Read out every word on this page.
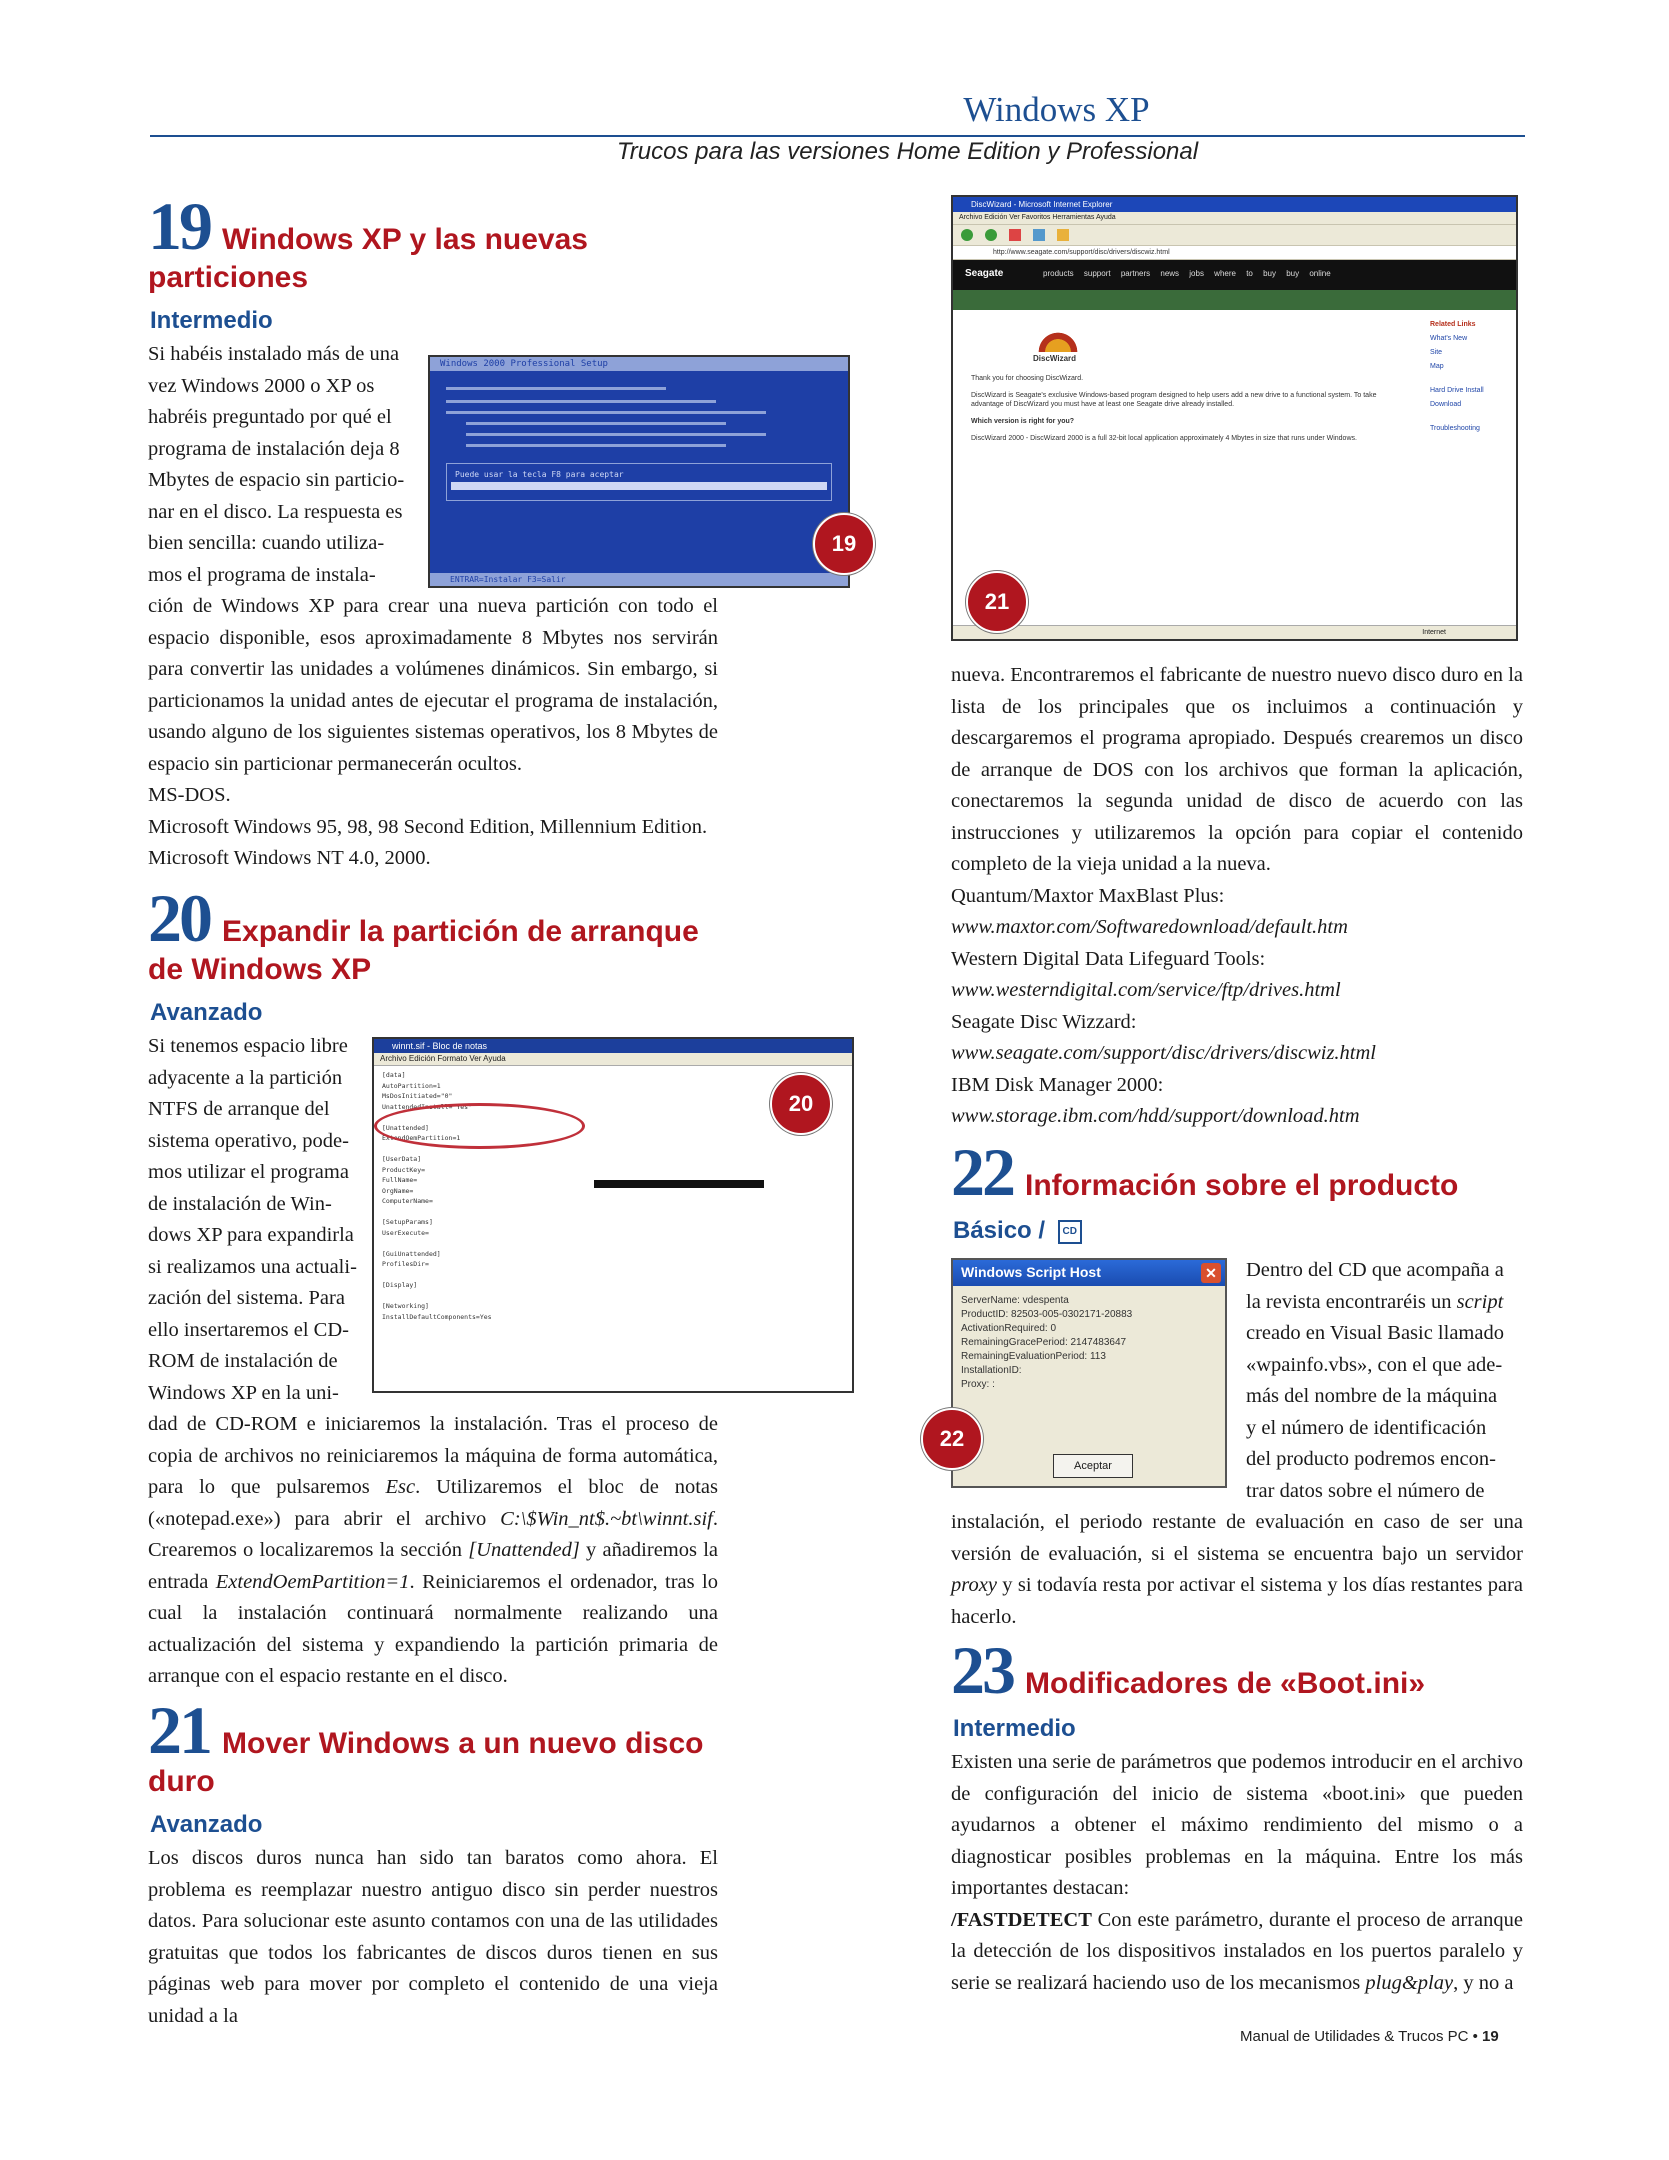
Windows XP
Trucos para las versiones Home Edition y Professional
19 Windows XP y las nuevas particiones
Intermedio

Si habéis instalado más de una

vez Windows 2000 o XP os

habréis preguntado por qué el

programa de instalación deja 8

Mbytes de espacio sin particio-

nar en el disco. La respuesta es

bien sencilla: cuando utiliza-

mos el programa de instala-

ción de Windows XP para crear una nueva partición con todo el espacio disponible, esos aproximadamente 8 Mbytes nos servirán para convertir las unidades a volúmenes dinámicos. Sin embargo, si particionamos la unidad antes de ejecutar el programa de instalación, usando alguno de los siguientes sistemas operativos, los 8 Mbytes de espacio sin particionar permanecerán ocultos.

MS-DOS.

Microsoft Windows 95, 98, 98 Second Edition, Millennium Edition.

Microsoft Windows NT 4.0, 2000.

Windows 2000 Professional Setup
Puede usar la tecla F8 para aceptar
ENTRAR=Instalar F3=Salir
19
20 Expandir la partición de arranque de Windows XP
Avanzado

Si tenemos espacio libre

adyacente a la partición

NTFS de arranque del

sistema operativo, pode-

mos utilizar el programa

de instalación de Win-

dows XP para expandirla

si realizamos una actuali-

zación del sistema. Para

ello insertaremos el CD-

ROM de instalación de

Windows XP en la uni-

dad de CD-ROM e iniciaremos la instalación. Tras el proceso de copia de archivos no reiniciaremos la máquina de forma automática, para lo que pulsaremos Esc. Utilizaremos el bloc de notas («notepad.exe») para abrir el archivo C:\$Win_nt$.~bt\winnt.sif. Crearemos o localizaremos la sección [Unattended] y añadiremos la entrada ExtendOemPartition=1. Reiniciaremos el ordenador, tras lo cual la instalación continuará normalmente realizando una actualización del sistema y expandiendo la partición primaria de arranque con el espacio restante en el disco.

winnt.sif - Bloc de notas
Archivo Edición Formato Ver Ayuda
[data]
AutoPartition=1
MsDosInitiated="0"
UnattendedInstall="Yes"
[Unattended]
ExtendOemPartition=1
[UserData]
ProductKey=
FullName=
OrgName=
ComputerName=
[SetupParams]
UserExecute=
[GuiUnattended]
ProfilesDir=
[Display]
[Networking]
InstallDefaultComponents=Yes
20
21 Mover Windows a un nuevo disco duro
Avanzado

Los discos duros nunca han sido tan baratos como ahora. El problema es reemplazar nuestro antiguo disco sin perder nuestros datos. Para solucionar este asunto contamos con una de las utilidades gratuitas que todos los fabricantes de discos duros tienen en sus páginas web para mover por completo el contenido de una vieja unidad a la

DiscWizard - Microsoft Internet Explorer
Archivo Edición Ver Favoritos Herramientas Ayuda

http://www.seagate.com/support/disc/drivers/discwiz.html
Seagate	products support partners news jobs where to buy buy online
DiscWizard
Thank you for choosing DiscWizard.
DiscWizard is Seagate's exclusive Windows-based program designed to help users add a new drive to a functional system. To take advantage of DiscWizard you must have at least one Seagate drive already installed.
Which version is right for you?
DiscWizard 2000 - DiscWizard 2000 is a full 32-bit local application approximately 4 Mbytes in size that runs under Windows.
Related Links
What's New
Site
Map
Hard Drive Install
Download
Troubleshooting
Internet
21

nueva. Encontraremos el fabricante de nuestro nuevo disco duro en la lista de los principales que os incluimos a continuación y descargaremos el programa apropiado. Después crearemos un disco de arranque de DOS con los archivos que forman la aplicación, conectaremos la segunda unidad de disco de acuerdo con las instrucciones y utilizaremos la opción para copiar el contenido completo de la vieja unidad a la nueva.

Quantum/Maxtor MaxBlast Plus: www.maxtor.com/Softwaredownload/default.htm

Western Digital Data Lifeguard Tools: www.westerndigital.com/service/ftp/drives.html

Seagate Disc Wizzard: www.seagate.com/support/disc/drivers/discwiz.html

IBM Disk Manager 2000: www.storage.ibm.com/hdd/support/download.htm

22 Información sobre el producto
Básico / CD

Dentro del CD que acompaña a

la revista encontraréis un script

creado en Visual Basic llamado

«wpainfo.vbs», con el que ade-

más del nombre de la máquina

y el número de identificación

del producto podremos encon-

trar datos sobre el número de

instalación, el periodo restante de evaluación en caso de ser una versión de evaluación, si el sistema se encuentra bajo un servidor proxy y si todavía resta por activar el sistema y los días restantes para hacerlo.

Windows Script Host	✕
ServerName: vdespenta
ProductID: 82503-005-0302171-20883
ActivationRequired: 0
RemainingGracePeriod: 2147483647
RemainingEvaluationPeriod: 113
InstallationID:
Proxy: :
Aceptar
22
23 Modificadores de «Boot.ini»
Intermedio

Existen una serie de parámetros que podemos introducir en el archivo de configuración del inicio de sistema «boot.ini» que pueden ayudarnos a obtener el máximo rendimiento del mismo o a diagnosticar posibles problemas en la máquina. Entre los más importantes destacan:

/FASTDETECT Con este parámetro, durante el proceso de arranque la detección de los dispositivos instalados en los puertos paralelo y serie se realizará haciendo uso de los mecanismos plug&play, y no a

Manual de Utilidades & Trucos PC • 19
